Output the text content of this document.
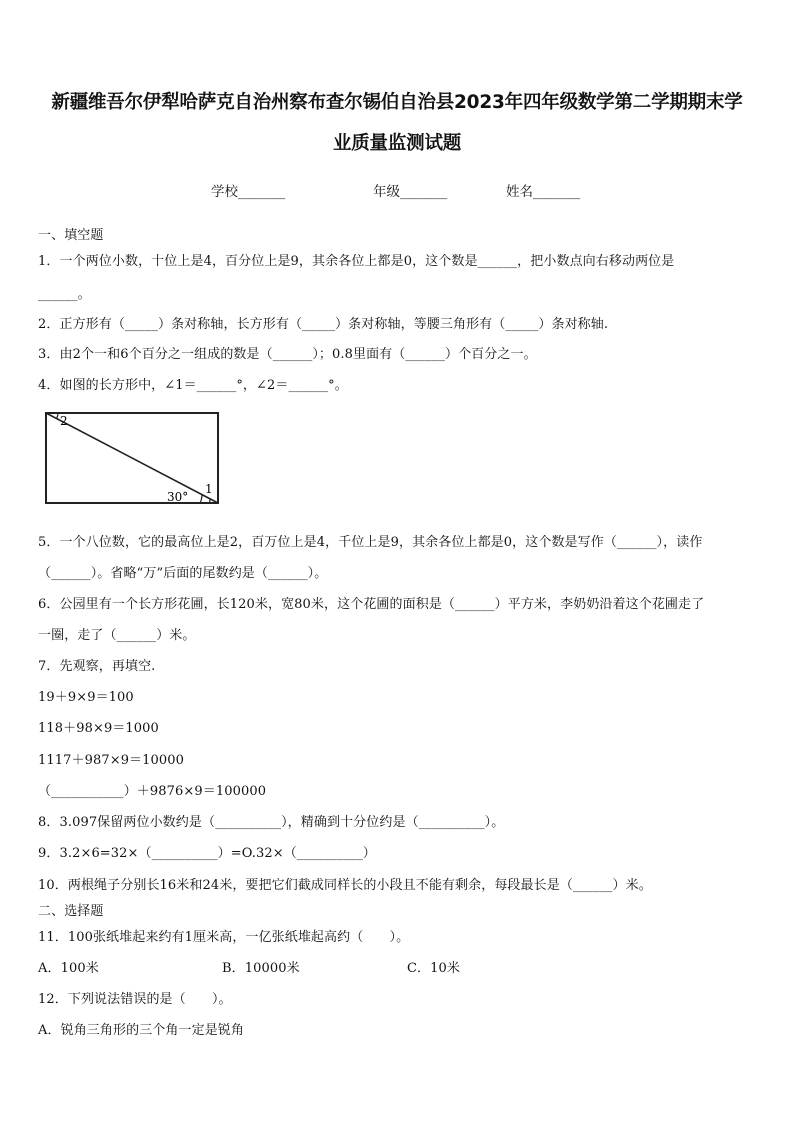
新疆维吾尔伊犁哈萨克自治州察布查尔锡伯自治县2023年四年级数学第二学期期末学
业质量监测试题
学校_______	年级_______	姓名_______
一、填空题
1．一个两位小数，十位上是4，百分位上是9，其余各位上都是0，这个数是______，把小数点向右移动两位是
______。
2．正方形有（_____）条对称轴，长方形有（_____）条对称轴，等腰三角形有（_____）条对称轴.
3．由2个一和6个百分之一组成的数是（______）；0.8里面有（______）个百分之一。
4．如图的长方形中，∠1＝______°，∠2＝______°。
2
1
30°
5．一个八位数，它的最高位上是2，百万位上是4，千位上是9，其余各位上都是0，这个数是写作（______），读作
（______）。省略“万”后面的尾数约是（______）。
6．公园里有一个长方形花圃，长120米，宽80米，这个花圃的面积是（______）平方米，李奶奶沿着这个花圃走了
一圈，走了（______）米。
7．先观察，再填空.
19＋9×9＝100
118＋98×9＝1000
1117＋987×9＝10000
（___________）＋9876×9＝100000
8．3.097保留两位小数约是（__________），精确到十分位约是（__________）。
9．3.2×6=32×（__________）=O.32×（__________）
10．两根绳子分别长16米和24米，要把它们截成同样长的小段且不能有剩余，每段最长是（______）米。
二、选择题
11．100张纸堆起来约有1厘米高，一亿张纸堆起高约（　　）。
A．100米	B．10000米	C．10米
12．下列说法错误的是（　　）。
A．锐角三角形的三个角一定是锐角
